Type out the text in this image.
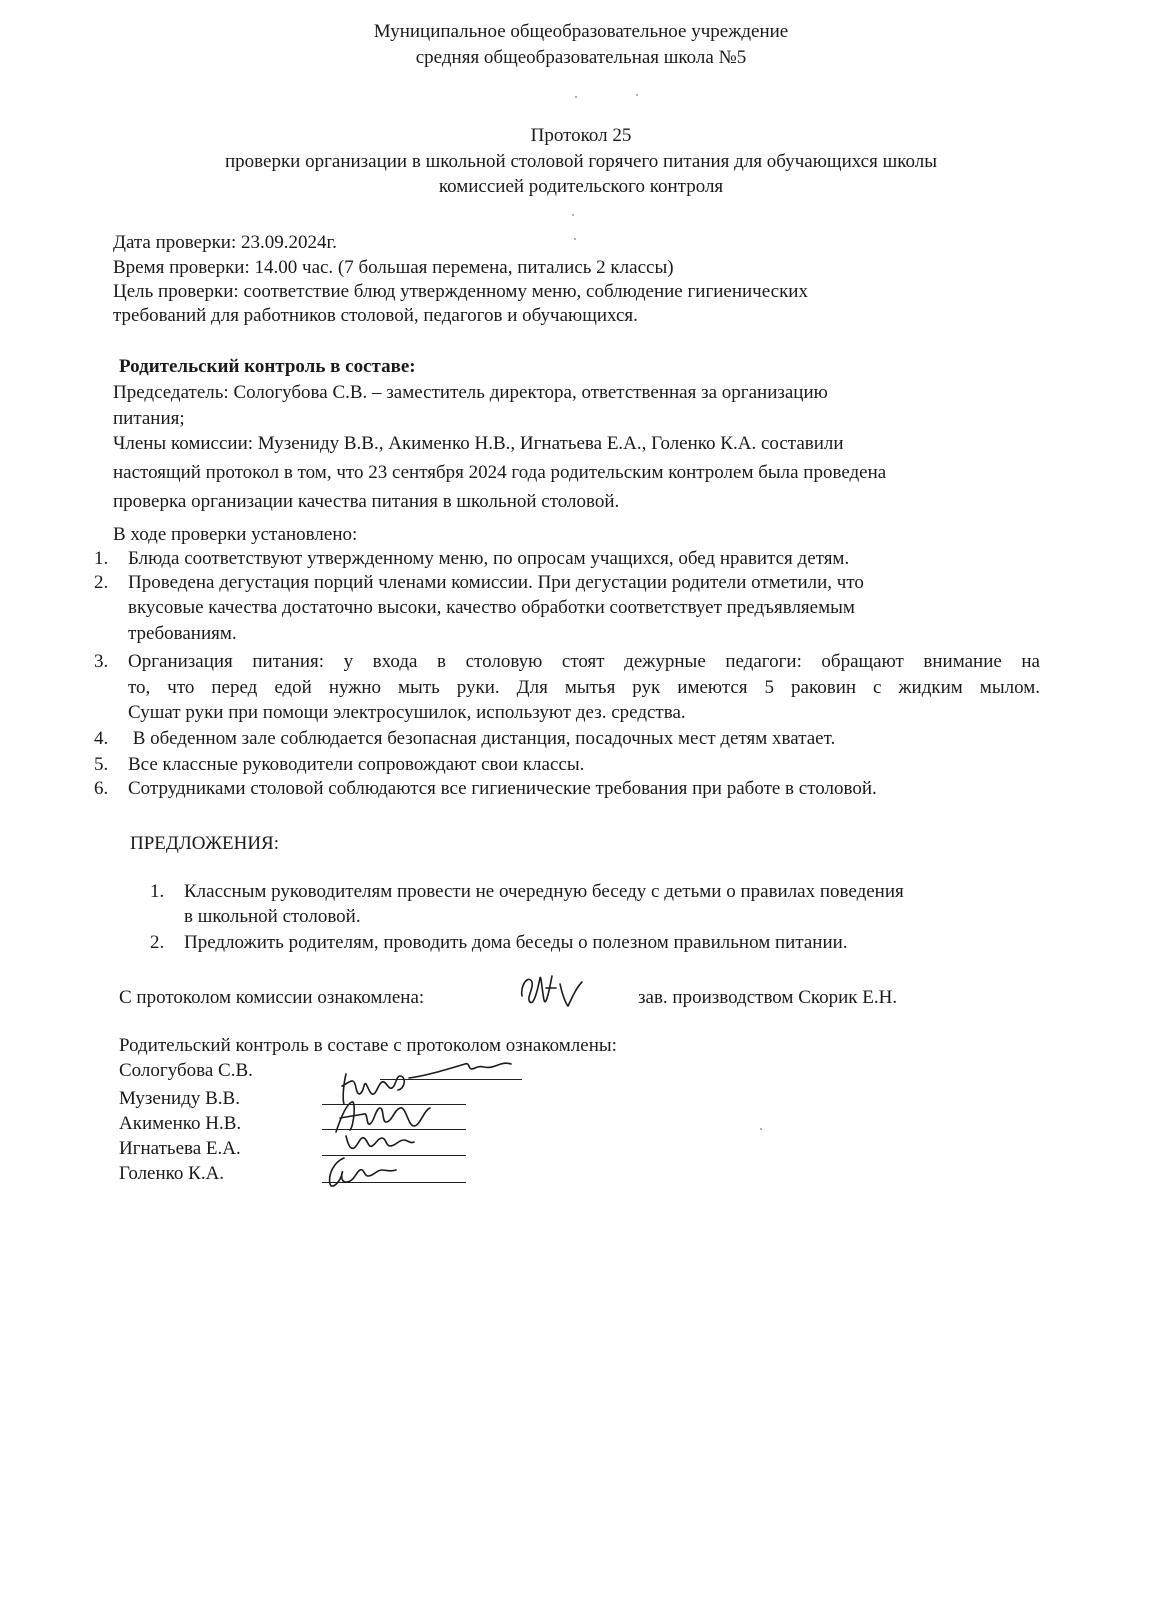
Муниципальное общеобразовательное учреждение
средняя общеобразовательная школа №5
Протокол 25
проверки организации в школьной столовой горячего питания для обучающихся школы
комиссией родительского контроля
Дата проверки: 23.09.2024г.
Время проверки: 14.00 час. (7 большая перемена, питались 2 классы)
Цель проверки: соответствие блюд утвержденному меню, соблюдение гигиенических
требований для работников столовой, педагогов и обучающихся.
Родительский контроль в составе:
Председатель: Сологубова С.В. – заместитель директора, ответственная за организацию
питания;
Члены комиссии: Музениду В.В., Акименко Н.В., Игнатьева Е.А., Голенко К.А. составили
настоящий протокол в том, что 23 сентября 2024 года родительским контролем была проведена
проверка организации качества питания в школьной столовой.
В ходе проверки установлено:
1. Блюда соответствуют утвержденному меню, по опросам учащихся, обед нравится детям.
2. Проведена дегустация порций членами комиссии. При дегустации родители отметили, что
вкусовые качества достаточно высоки, качество обработки соответствует предъявляемым
требованиям.
3. Организация питания: у входа в столовую стоят дежурные педагоги: обращают внимание на
то, что перед едой нужно мыть руки. Для мытья рук имеются 5 раковин с жидким мылом.
Сушат руки при помощи электросушилок, используют дез. средства.
4. В обеденном зале соблюдается безопасная дистанция, посадочных мест детям хватает.
5. Все классные руководители сопровождают свои классы.
6. Сотрудниками столовой соблюдаются все гигиенические требования при работе в столовой.
ПРЕДЛОЖЕНИЯ:
1. Классным руководителям провести не очередную беседу с детьми о правилах поведения
в школьной столовой.
2. Предложить родителям, проводить дома беседы о полезном правильном питании.
С протоколом комиссии ознакомлена:	зав. производством Скорик Е.Н.
Родительский контроль в составе с протоколом ознакомлены:
Сологубова С.В.
Музениду В.В.
Акименко Н.В.
Игнатьева Е.А.
Голенко К.А.
